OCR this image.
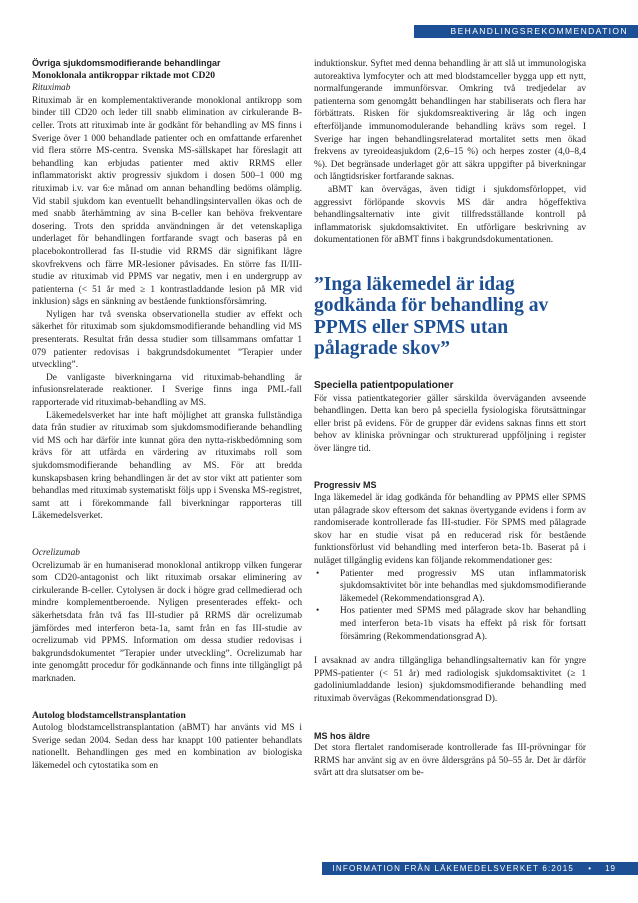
BEHANDLINGSREKOMMENDATION

Övriga sjukdomsmodifierande behandlingar

Monoklonala antikroppar riktade mot CD20

Rituximab

Rituximab är en komplementaktiverande monoklonal antikropp som binder till CD20 och leder till snabb elimination av cirkulerande B-celler. Trots att rituximab inte är godkänt för behandling av MS finns i Sverige över 1 000 behandlade patienter och en omfattande erfarenhet vid flera större MS-centra. Svenska MS-sällskapet har föreslagit att behandling kan erbjudas patienter med aktiv RRMS eller inflammatoriskt aktiv progressiv sjukdom i dosen 500–1 000 mg rituximab i.v. var 6:e månad om annan behandling bedöms olämplig. Vid stabil sjukdom kan eventuellt behandlingsintervallen ökas och de med snabb återhämtning av sina B-celler kan behöva frekventare dosering. Trots den spridda användningen är det vetenskapliga underlaget för behandlingen fortfarande svagt och baseras på en placebokontrollerad fas II-studie vid RRMS där signifikant lägre skovfrekvens och färre MR-lesioner påvisades. En större fas II/III-studie av rituximab vid PPMS var negativ, men i en undergrupp av patienterna (< 51 år med ≥ 1 kontrastladdande lesion på MR vid inklusion) sågs en sänkning av bestående funktionsförsämring.

Nyligen har två svenska observationella studier av effekt och säkerhet för rituximab som sjukdomsmodifierande behandling vid MS presenterats. Resultat från dessa studier som tillsammans omfattar 1 079 patienter redovisas i bakgrundsdokumentet ”Terapier under utveckling”.

De vanligaste biverkningarna vid rituximab-behandling är infusionsrelaterade reaktioner. I Sverige finns inga PML-fall rapporterade vid rituximab-behandling av MS.

Läkemedelsverket har inte haft möjlighet att granska fullständiga data från studier av rituximab som sjukdomsmodifierande behandling vid MS och har därför inte kunnat göra den nytta-riskbedömning som krävs för att utfärda en värdering av rituximabs roll som sjukdomsmodifierande behandling av MS. För att bredda kunskapsbasen kring behandlingen är det av stor vikt att patienter som behandlas med rituximab systematiskt följs upp i Svenska MS-registret, samt att i förekommande fall biverkningar rapporteras till Läkemedelsverket.

Ocrelizumab

Ocrelizumab är en humaniserad monoklonal antikropp vilken fungerar som CD20-antagonist och likt rituximab orsakar eliminering av cirkulerande B-celler. Cytolysen är dock i högre grad cellmedierad och mindre komplementberoende. Nyligen presenterades effekt- och säkerhetsdata från två fas III-studier på RRMS där ocrelizumab jämfördes med interferon beta-1a, samt från en fas III-studie av ocrelizumab vid PPMS. Information om dessa studier redovisas i bakgrundsdokumentet ”Terapier under utveckling”. Ocrelizumab har inte genomgått procedur för godkännande och finns inte tillgängligt på marknaden.

Autolog blodstamcellstransplantation

Autolog blodstamcellstransplantation (aBMT) har använts vid MS i Sverige sedan 2004. Sedan dess har knappt 100 patienter behandlats nationellt. Behandlingen ges med en kombination av biologiska läkemedel och cytostatika som en

induktionskur. Syftet med denna behandling är att slå ut immunologiska autoreaktiva lymfocyter och att med blodstamceller bygga upp ett nytt, normalfungerande immunförsvar. Omkring två tredjedelar av patienterna som genomgått behandlingen har stabiliserats och flera har förbättrats. Risken för sjukdomsreaktivering är låg och ingen efterföljande immunomodulerande behandling krävs som regel. I Sverige har ingen behandlingsrelaterad mortalitet setts men ökad frekvens av tyreoideasjukdom (2,6–15 %) och herpes zoster (4,0–8,4 %). Det begränsade underlaget gör att säkra uppgifter på biverkningar och långtidsrisker fortfarande saknas.

aBMT kan övervägas, även tidigt i sjukdomsförloppet, vid aggressivt förlöpande skovvis MS där andra högeffektiva behandlingsalternativ inte givit tillfredsställande kontroll på inflammatorisk sjukdomsaktivitet. En utförligare beskrivning av dokumentationen för aBMT finns i bakgrundsdokumentationen.

”Inga läkemedel är idag godkända för behandling av PPMS eller SPMS utan pålagrade skov”

Speciella patientpopulationer

För vissa patientkategorier gäller särskilda överväganden avseende behandlingen. Detta kan bero på speciella fysiologiska förutsättningar eller brist på evidens. För de grupper där evidens saknas finns ett stort behov av kliniska prövningar och strukturerad uppföljning i register över längre tid.

Progressiv MS

Inga läkemedel är idag godkända för behandling av PPMS eller SPMS utan pålagrade skov eftersom det saknas övertygande evidens i form av randomiserade kontrollerade fas III-studier. För SPMS med pålagrade skov har en studie visat på en reducerad risk för bestående funktionsförlust vid behandling med interferon beta-1b. Baserat på i nuläget tillgänglig evidens kan följande rekommendationer ges:

• Patienter med progressiv MS utan inflammatorisk sjukdomsaktivitet bör inte behandlas med sjukdomsmodifierande läkemedel (Rekommendationsgrad A).
• Hos patienter med SPMS med pålagrade skov har behandling med interferon beta-1b visats ha effekt på risk för fortsatt försämring (Rekommendationsgrad A).

I avsaknad av andra tillgängliga behandlingsalternativ kan för yngre PPMS-patienter (< 51 år) med radiologisk sjukdomsaktivitet (≥ 1 gadoliniumladdande lesion) sjukdomsmodifierande behandling med rituximab övervägas (Rekommendationsgrad D).

MS hos äldre

Det stora flertalet randomiserade kontrollerade fas III-prövningar för RRMS har använt sig av en övre åldersgräns på 50–55 år. Det är därför svårt att dra slutsatser om be-

INFORMATION FRÅN LÄKEMEDELSVERKET 6:2015 • 19
